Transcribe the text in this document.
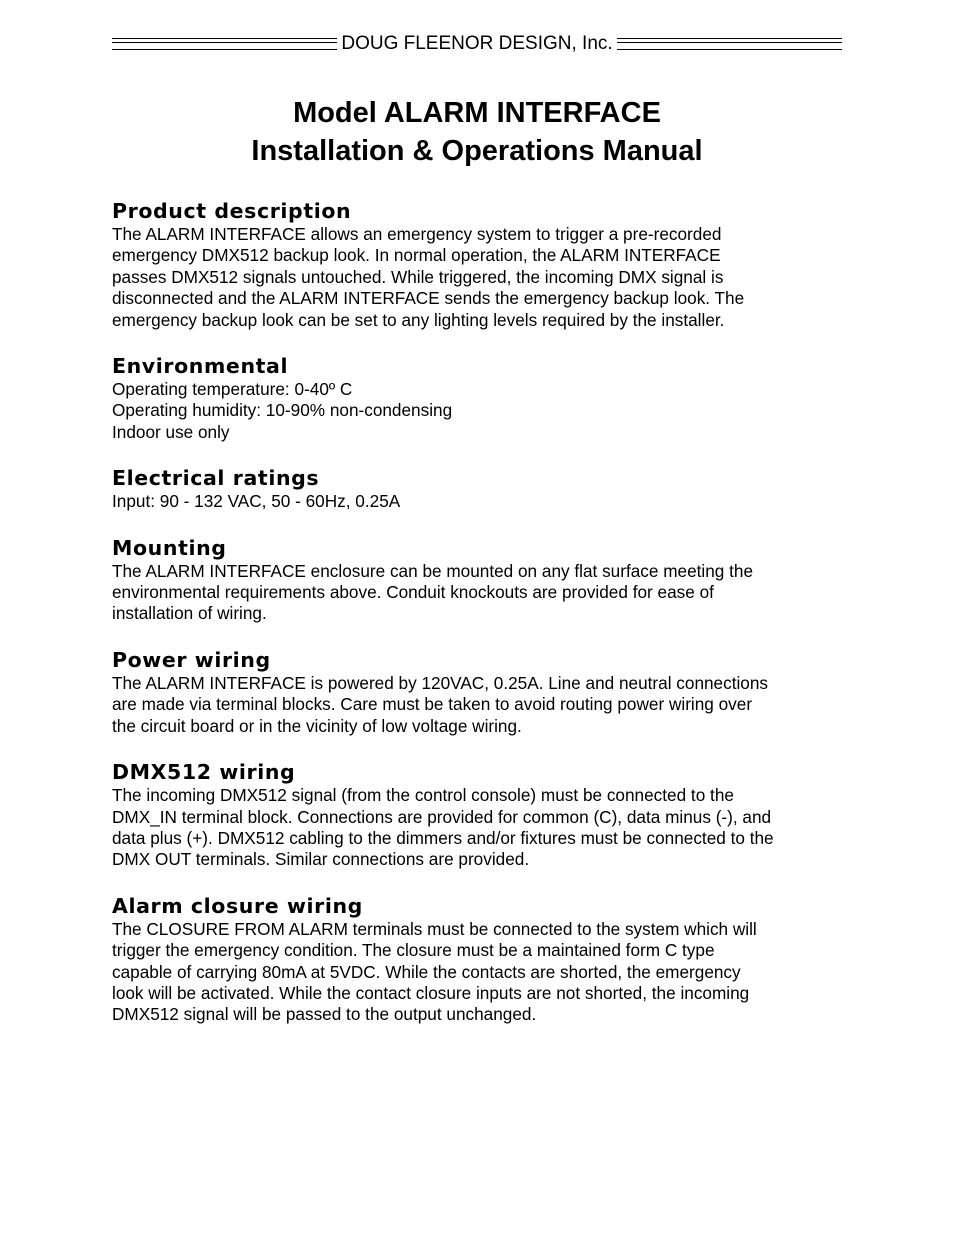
DOUG FLEENOR DESIGN, Inc.
Model ALARM INTERFACE
Installation & Operations Manual
Product description

The ALARM INTERFACE allows an emergency system to trigger a pre-recorded
emergency DMX512 backup look. In normal operation, the ALARM INTERFACE
passes DMX512 signals untouched. While triggered, the incoming DMX signal is
disconnected and the ALARM INTERFACE sends the emergency backup look. The
emergency backup look can be set to any lighting levels required by the installer.

Environmental

Operating temperature: 0-40º C
Operating humidity: 10-90% non-condensing
Indoor use only

Electrical ratings

Input: 90 - 132 VAC, 50 - 60Hz, 0.25A

Mounting

The ALARM INTERFACE enclosure can be mounted on any flat surface meeting the
environmental requirements above. Conduit knockouts are provided for ease of
installation of wiring.

Power wiring

The ALARM INTERFACE is powered by 120VAC, 0.25A. Line and neutral connections
are made via terminal blocks. Care must be taken to avoid routing power wiring over
the circuit board or in the vicinity of low voltage wiring.

DMX512 wiring

The incoming DMX512 signal (from the control console) must be connected to the
DMX_IN terminal block. Connections are provided for common (C), data minus (-), and
data plus (+). DMX512 cabling to the dimmers and/or fixtures must be connected to the
DMX OUT terminals. Similar connections are provided.

Alarm closure wiring

The CLOSURE FROM ALARM terminals must be connected to the system which will
trigger the emergency condition. The closure must be a maintained form C type
capable of carrying 80mA at 5VDC. While the contacts are shorted, the emergency
look will be activated. While the contact closure inputs are not shorted, the incoming
DMX512 signal will be passed to the output unchanged.
